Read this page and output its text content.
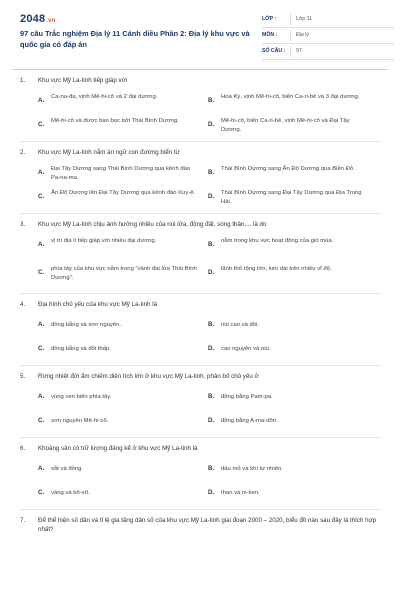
2048.vn
97 câu Trắc nghiệm Địa lý 11 Cánh diều Phần 2: Địa lý khu vực và quốc gia có đáp án
LỚP :	Lớp 11
MÔN :	Địa lý
SỐ CÂU : 97
1. Khu vực Mỹ La-tinh tiếp giáp với
A. Ca-na-đa, vịnh Mê-hi-cô và 2 đại dương.	B. Hoa Kỳ, vịnh Mê-hi-cô, biển Ca-ri-bê và 3 đại dương.
C. Mê-hi-cô và được bao bọc bởi Thái Bình Dương.	D. Mê-hi-cô, biển Ca-ri-bê, vịnh Mê-hi-cô và Đại Tây Dương.
2. Khu vực Mỹ La-tinh nằm án ngữ con đường biển từ
A. Đại Tây Dương sang Thái Bình Dương qua kênh đào Pa-na-ma.
B. Thái Bình Dương sang Ấn Độ Dương qua Biển Đỏ.
C. Ấn Độ Dương lên Đại Tây Dương qua kênh đào Xuy-ê.	D. Thái Bình Dương sang Đại Tây Dương qua Địa Trung Hải.
3. Khu vực Mỹ La-tinh chịu ảnh hưởng nhiều của núi lửa, động đất, sóng thần,... là do
A. vị trí địa lí tiếp giáp với nhiều đại dương.	B. nằm trong khu vực hoạt động của gió mùa.
C. phía tây của khu vực nằm trong "vành đai lửa Thái Bình Dương".
D. lãnh thổ rộng lớn, kéo dài trên nhiều vĩ độ.
4. Địa hình chủ yếu của khu vực Mỹ La-tinh là
A. đồng bằng và sơn nguyên.	B. núi cao và đồi.
C. đồng bằng và đồi thấp.	D. cao nguyên và núi.
5. Rừng nhiệt đới ẩm chiếm diện tích lớn ở khu vực Mỹ La-tinh, phân bố chủ yếu ở
A. vùng ven biển phía tây.	B. đồng bằng Pam-pa.
C. sơn nguyên Mê-hi-cô.	D. đồng bằng A-ma-dôn.
6. Khoáng sản có trữ lượng đáng kể ở khu vực Mỹ La-tinh là
A. sắt và đồng.	B. dầu mỏ và khí tự nhiên.
C. vàng và bô-xít.	D. than và ni-ken.
7. Để thể hiện số dân và tỉ lệ gia tăng dân số của khu vực Mỹ La-tinh giai đoạn 2000 – 2020, biểu đồ nào sau đây là thích hợp nhất?
